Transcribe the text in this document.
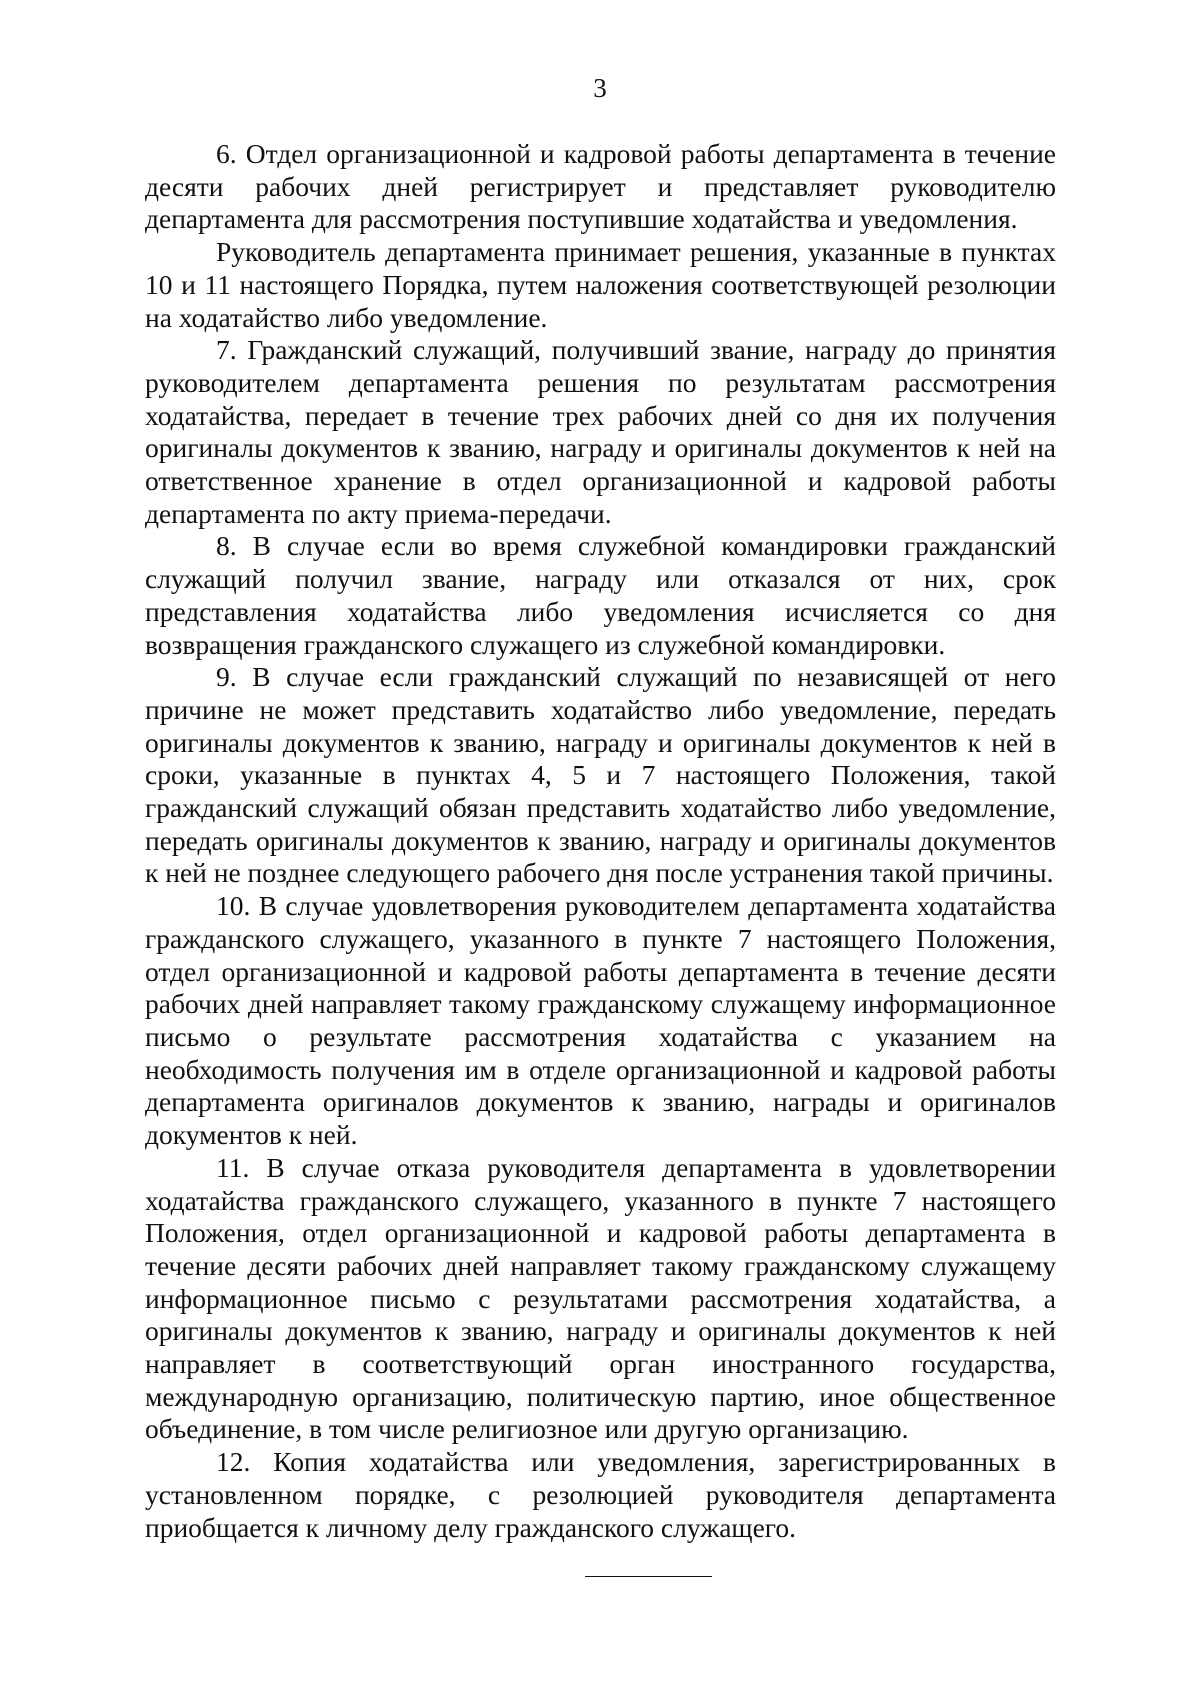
3

6. Отдел организационной и кадровой работы департамента в течение десяти рабочих дней регистрирует и представляет руководителю департамента для рассмотрения поступившие ходатайства и уведомления.

Руководитель департамента принимает решения, указанные в пунктах 10 и 11 настоящего Порядка, путем наложения соответствующей резолюции на ходатайство либо уведомление.

7. Гражданский служащий, получивший звание, награду до принятия руководителем департамента решения по результатам рассмотрения ходатайства, передает в течение трех рабочих дней со дня их получения оригиналы документов к званию, награду и оригиналы документов к ней на ответственное хранение в отдел организационной и кадровой работы департамента по акту приема-передачи.

8. В случае если во время служебной командировки гражданский служащий получил звание, награду или отказался от них, срок представления ходатайства либо уведомления исчисляется со дня возвращения гражданского служащего из служебной командировки.

9. В случае если гражданский служащий по независящей от него причине не может представить ходатайство либо уведомление, передать оригиналы документов к званию, награду и оригиналы документов к ней в сроки, указанные в пунктах 4, 5 и 7 настоящего Положения, такой гражданский служащий обязан представить ходатайство либо уведомление, передать оригиналы документов к званию, награду и оригиналы документов к ней не позднее следующего рабочего дня после устранения такой причины.

10. В случае удовлетворения руководителем департамента ходатайства гражданского служащего, указанного в пункте 7 настоящего Положения, отдел организационной и кадровой работы департамента в течение десяти рабочих дней направляет такому гражданскому служащему информационное письмо о результате рассмотрения ходатайства с указанием на необходимость получения им в отделе организационной и кадровой работы департамента оригиналов документов к званию, награды и оригиналов документов к ней.

11. В случае отказа руководителя департамента в удовлетворении ходатайства гражданского служащего, указанного в пункте 7 настоящего Положения, отдел организационной и кадровой работы департамента в течение десяти рабочих дней направляет такому гражданскому служащему информационное письмо с результатами рассмотрения ходатайства, а оригиналы документов к званию, награду и оригиналы документов к ней направляет в соответствующий орган иностранного государства, международную организацию, политическую партию, иное общественное объединение, в том числе религиозное или другую организацию.

12. Копия ходатайства или уведомления, зарегистрированных в установленном порядке, с резолюцией руководителя департамента приобщается к личному делу гражданского служащего.
